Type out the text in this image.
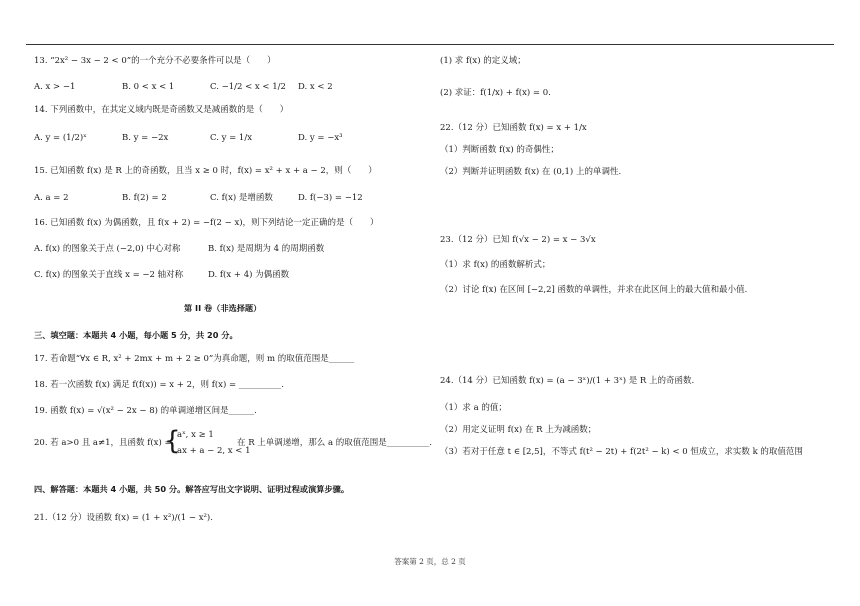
13. “2x² − 3x − 2 < 0”的一个充分不必要条件可以是（　　）
A. x > −1	B. 0 < x < 1	C. −1/2 < x < 1/2 D. x < 2
14. 下列函数中，在其定义域内既是奇函数又是减函数的是（　　）
A. y = (1/2)ˣ	B. y = −2x	C. y = 1/x	D. y = −x³
15. 已知函数 f(x) 是 R 上的奇函数，且当 x ≥ 0 时，f(x) = x² + x + a − 2，则（　　）
A. a = 2	B. f(2) = 2	C. f(x) 是增函数	D. f(−3) = −12
16. 已知函数 f(x) 为偶函数，且 f(x + 2) = −f(2 − x)，则下列结论一定正确的是（　　）
A. f(x) 的图象关于点 (−2,0) 中心对称	B. f(x) 是周期为 4 的周期函数
C. f(x) 的图象关于直线 x = −2 轴对称	D. f(x + 4) 为偶函数
第 II 卷（非选择题）
三、填空题：本题共 4 小题，每小题 5 分，共 20 分。
17. 若命题“∀x ∈ R, x² + 2mx + m + 2 ≥ 0”为真命题，则 m 的取值范围是______
18. 若一次函数 f(x) 满足 f(f(x)) = x + 2，则 f(x) = __________.
19. 函数 f(x) = √(x² − 2x − 8) 的单调递增区间是______.
20. 若 a>0 且 a≠1，且函数 f(x) =
{
aˣ, x ≥ 1
ax + a − 2, x < 1
在 R 上单调递增，那么 a 的取值范围是__________.
四、解答题：本题共 4 小题，共 50 分。解答应写出文字说明、证明过程或演算步骤。
21.（12 分）设函数 f(x) = (1 + x²)/(1 − x²).
(1) 求 f(x) 的定义域；
(2) 求证：f(1/x) + f(x) = 0.
22.（12 分）已知函数 f(x) = x + 1/x
（1）判断函数 f(x) 的奇偶性；
（2）判断并证明函数 f(x) 在 (0,1) 上的单调性.
23.（12 分）已知 f(√x − 2) = x − 3√x
（1）求 f(x) 的函数解析式；
（2）讨论 f(x) 在区间 [−2,2] 函数的单调性，并求在此区间上的最大值和最小值.
24.（14 分）已知函数 f(x) = (a − 3ˣ)/(1 + 3ˣ) 是 R 上的奇函数.
（1）求 a 的值；
（2）用定义证明 f(x) 在 R 上为减函数；
（3）若对于任意 t ∈ [2,5]，不等式 f(t² − 2t) + f(2t² − k) < 0 恒成立，求实数 k 的取值范围
答案第 2 页，总 2 页
